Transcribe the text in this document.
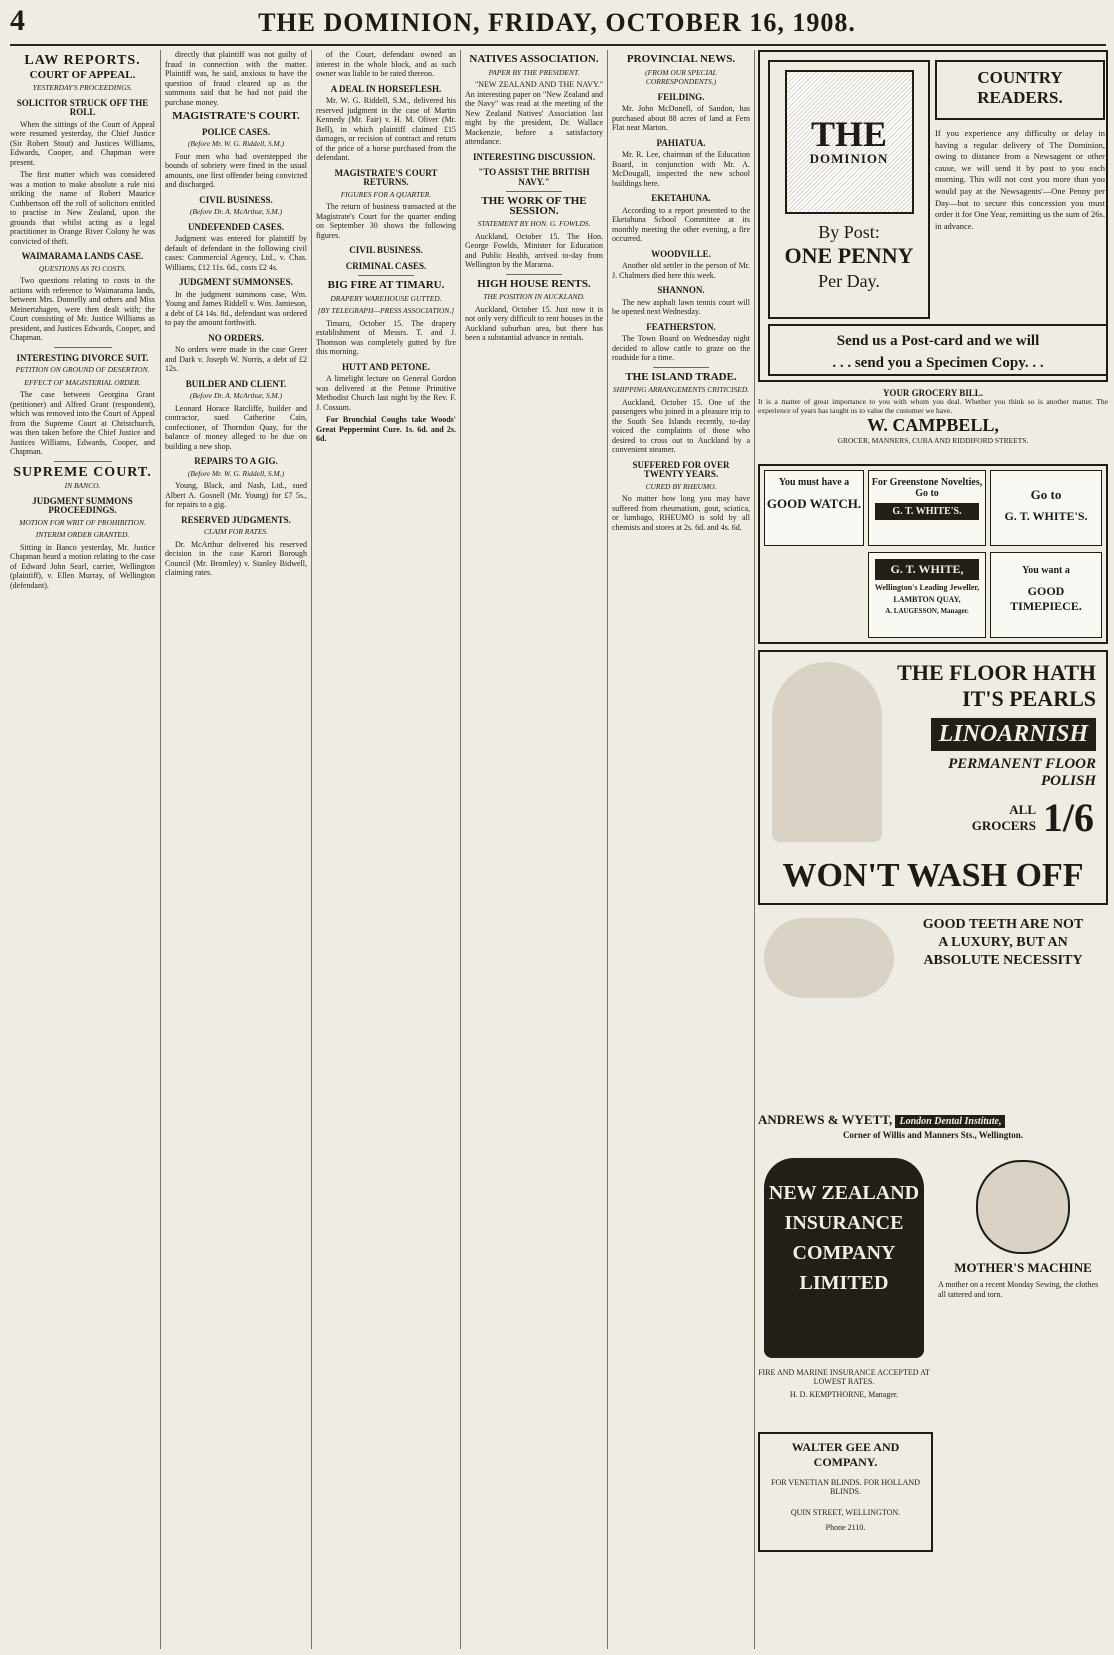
4	THE DOMINION, FRIDAY, OCTOBER 16, 1908.
LAW REPORTS.
COURT OF APPEAL.
YESTERDAY'S PROCEEDINGS.
SOLICITOR STRUCK OFF THE ROLL

When the sittings of the Court of Appeal were resumed yesterday, the Chief Justice (Sir Robert Stout) and Justices Williams, Edwards, Cooper, and Chapman were present.

The first matter which was considered was a motion to make absolute a rule nisi striking the name of Robert Maurice Cuthbertson off the roll of solicitors entitled to practise in New Zealand, upon the grounds that whilst acting as a legal practitioner in Orange River Colony he was convicted of theft.

WAIMARAMA LANDS CASE.
QUESTIONS AS TO COSTS.

Two questions relating to costs in the actions with reference to Waimarama lands, between Mrs. Donnelly and others and Miss Meinertzhagen, were then dealt with; the Court consisting of Mr. Justice Williams as president, and Justices Edwards, Cooper, and Chapman.

INTERESTING DIVORCE SUIT.
PETITION ON GROUND OF DESERTION.
EFFECT OF MAGISTERIAL ORDER.

The case between Georgina Grant (petitioner) and Alfred Grant (respondent), which was removed into the Court of Appeal from the Supreme Court at Christchurch, was then taken before the Chief Justice and Justices Williams, Edwards, Cooper, and Chapman.

SUPREME COURT.
IN BANCO.
JUDGMENT SUMMONS PROCEEDINGS.
MOTION FOR WRIT OF PROHIBITION.
INTERIM ORDER GRANTED.

Sitting in Banco yesterday, Mr. Justice Chapman heard a motion relating to the case of Edward John Searl, carrier, Wellington (plaintiff), v. Ellen Murray, of Wellington (defendant).

directly that plaintiff was not guilty of fraud in connection with the matter. Plaintiff was, he said, anxious to have the question of fraud cleared up as the summons said that he had not paid the purchase money.

MAGISTRATE'S COURT.
POLICE CASES.
(Before Mr. W. G. Riddell, S.M.)

Four men who had overstepped the bounds of sobriety were fined in the usual amounts, one first offender being convicted and discharged.

CIVIL BUSINESS.
(Before Dr. A. McArthur, S.M.)
UNDEFENDED CASES.

Judgment was entered for plaintiff by default of defendant in the following civil cases: Commercial Agency, Ltd., v. Chas. Williams, £12 11s. 6d., costs £2 4s.

JUDGMENT SUMMONSES.

In the judgment summons case, Wm. Young and James Riddell v. Wm. Jamieson, a debt of £4 14s. 8d., defendant was ordered to pay the amount forthwith.

NO ORDERS.

No orders were made in the case Greer and Dark v. Joseph W. Norris, a debt of £2 12s.

BUILDER AND CLIENT.
(Before Dr. A. McArthur, S.M.)

Leonard Horace Ratcliffe, builder and contractor, sued Catherine Cain, confectioner, of Thorndon Quay, for the balance of money alleged to be due on building a new shop.

REPAIRS TO A GIG.
(Before Mr. W. G. Riddell, S.M.)

Young, Black, and Nash, Ltd., sued Albert A. Gosnell (Mr. Young) for £7 5s., for repairs to a gig.

RESERVED JUDGMENTS.
CLAIM FOR RATES.

Dr. McArthur delivered his reserved decision in the case Karori Borough Council (Mr. Bromley) v. Stanley Bidwell, claiming rates.

of the Court, defendant owned an interest in the whole block, and as such owner was liable to be rated thereon.

A DEAL IN HORSEFLESH.

Mr. W. G. Riddell, S.M., delivered his reserved judgment in the case of Martin Kennedy (Mr. Fair) v. H. M. Oliver (Mr. Bell), in which plaintiff claimed £15 damages, or recision of contract and return of the price of a horse purchased from the defendant.

MAGISTRATE'S COURT RETURNS.
FIGURES FOR A QUARTER.

The return of business transacted at the Magistrate's Court for the quarter ending on September 30 shows the following figures.

CIVIL BUSINESS.
CRIMINAL CASES.
BIG FIRE AT TIMARU.
DRAPERY WAREHOUSE GUTTED.
[BY TELEGRAPH—PRESS ASSOCIATION.]

Timaru, October 15. The drapery establishment of Messrs. T. and J. Thomson was completely gutted by fire this morning.

HUTT AND PETONE.

A limelight lecture on General Gordon was delivered at the Petone Primitive Methodist Church last night by the Rev. F. J. Cossum.

For Bronchial Coughs take Woods' Great Peppermint Cure. 1s. 6d. and 2s. 6d.

NATIVES ASSOCIATION.
PAPER BY THE PRESIDENT.

"NEW ZEALAND AND THE NAVY." An interesting paper on "New Zealand and the Navy" was read at the meeting of the New Zealand Natives' Association last night by the president, Dr. Wallace Mackenzie, before a satisfactory attendance.

INTERESTING DISCUSSION.
"TO ASSIST THE BRITISH NAVY."
THE WORK OF THE SESSION.
STATEMENT BY HON. G. FOWLDS.

Auckland, October 15. The Hon. George Fowlds, Minister for Education and Public Health, arrived to-day from Wellington by the Mararoa.

HIGH HOUSE RENTS.
THE POSITION IN AUCKLAND.

Auckland, October 15. Just now it is not only very difficult to rent houses in the Auckland suburban area, but there has been a substantial advance in rentals.

PROVINCIAL NEWS.
(FROM OUR SPECIAL CORRESPONDENTS.)
FEILDING.

Mr. John McDonell, of Sandon, has purchased about 88 acres of land at Fern Flat near Marton.

PAHIATUA.

Mr. R. Lee, chairman of the Education Board, in conjunction with Mr. A. McDougall, inspected the new school buildings here.

EKETAHUNA.

According to a report presented to the Eketahuna School Committee at its monthly meeting the other evening, a fire occurred.

WOODVILLE.

Another old settler in the person of Mr. J. Chalmers died here this week.

SHANNON.

The new asphalt lawn tennis court will be opened next Wednesday.

FEATHERSTON.

The Town Board on Wednesday night decided to allow cattle to graze on the roadside for a time.

THE ISLAND TRADE.
SHIPPING ARRANGEMENTS CRITICISED.

Auckland, October 15. One of the passengers who joined in a pleasure trip to the South Sea Islands recently, to-day voiced the complaints of those who desired to cross out to Auckland by a convenient steamer.

SUFFERED FOR OVER TWENTY YEARS.
CURED BY RHEUMO.

No matter how long you may have suffered from rheumatism, gout, sciatica, or lumbago, RHEUMO is sold by all chemists and stores at 2s. 6d. and 4s. 6d.

THE
DOMINION
By Post:
ONE PENNY
Per Day.
COUNTRY
READERS.
If you experience any difficulty or delay in having a regular delivery of The Dominion, owing to distance from a Newsagent or other cause, we will send it by post to you each morning. This will not cost you more than you would pay at the Newsagents'—One Penny per Day—but to secure this concession you must order it for One Year, remitting us the sum of 26s. in advance.
Send us a Post-card and we will
. . . send you a Specimen Copy. . .
YOUR GROCERY BILL.
It is a matter of great importance to you with whom you deal. Whether you think so is another matter. The experience of years has taught us to value the customer we have.
W. CAMPBELL,
GROCER, MANNERS, CUBA AND RIDDIFORD STREETS.
You must have a
GOOD WATCH.
For Greenstone Novelties,
Go to
G. T. WHITE'S.
Go to
G. T. WHITE'S.
G. T. WHITE,
Wellington's Leading Jeweller,
LAMBTON QUAY,
A. LAUGESSON, Manager.
You want a
GOOD TIMEPIECE.
THE FLOOR HATH
IT'S PEARLS
LINOARNISH
PERMANENT FLOOR POLISH
ALL
GROCERS 1/6
WON'T WASH OFF
GOOD TEETH ARE NOT
A LUXURY, BUT AN
ABSOLUTE NECESSITY
ANDREWS & WYETT, London Dental Institute,
Corner of Willis and Manners Sts., Wellington.
NEW ZEALAND INSURANCE COMPANY LIMITED
FIRE AND MARINE INSURANCE ACCEPTED AT LOWEST RATES.
H. D. KEMPTHORNE, Manager.
MOTHER'S MACHINE
A mother on a recent Monday Sewing, the clothes all tattered and torn.
WALTER GEE AND COMPANY.
FOR VENETIAN BLINDS. FOR HOLLAND BLINDS.
QUIN STREET, WELLINGTON.
Phone 2110.
